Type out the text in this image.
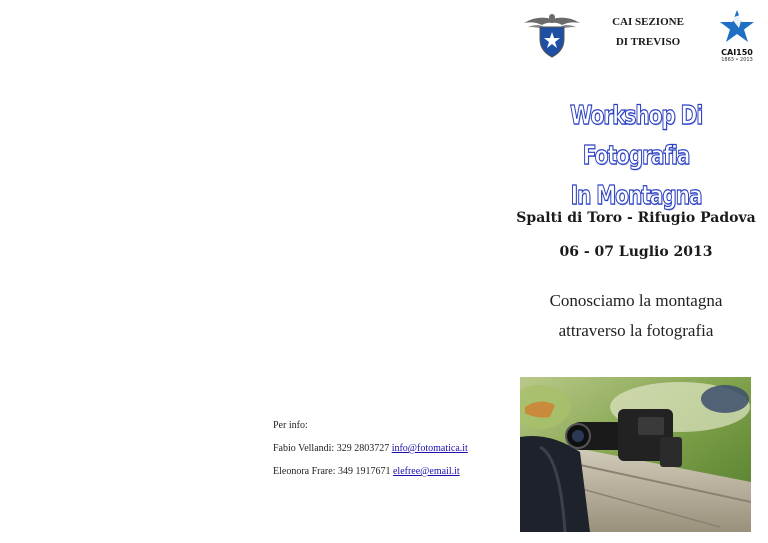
CAI SEZIONE
DI TREVISO
CAI150
1863 • 2013
Workshop Di Fotografia
In Montagna
Spalti di Toro - Rifugio Padova
06 - 07 Luglio 2013
Conosciamo la montagna
attraverso la fotografia
Per info:
Fabio Vellandi: 329 2803727 info@fotomatica.it
Eleonora Frare: 349 1917671 elefree@email.it
